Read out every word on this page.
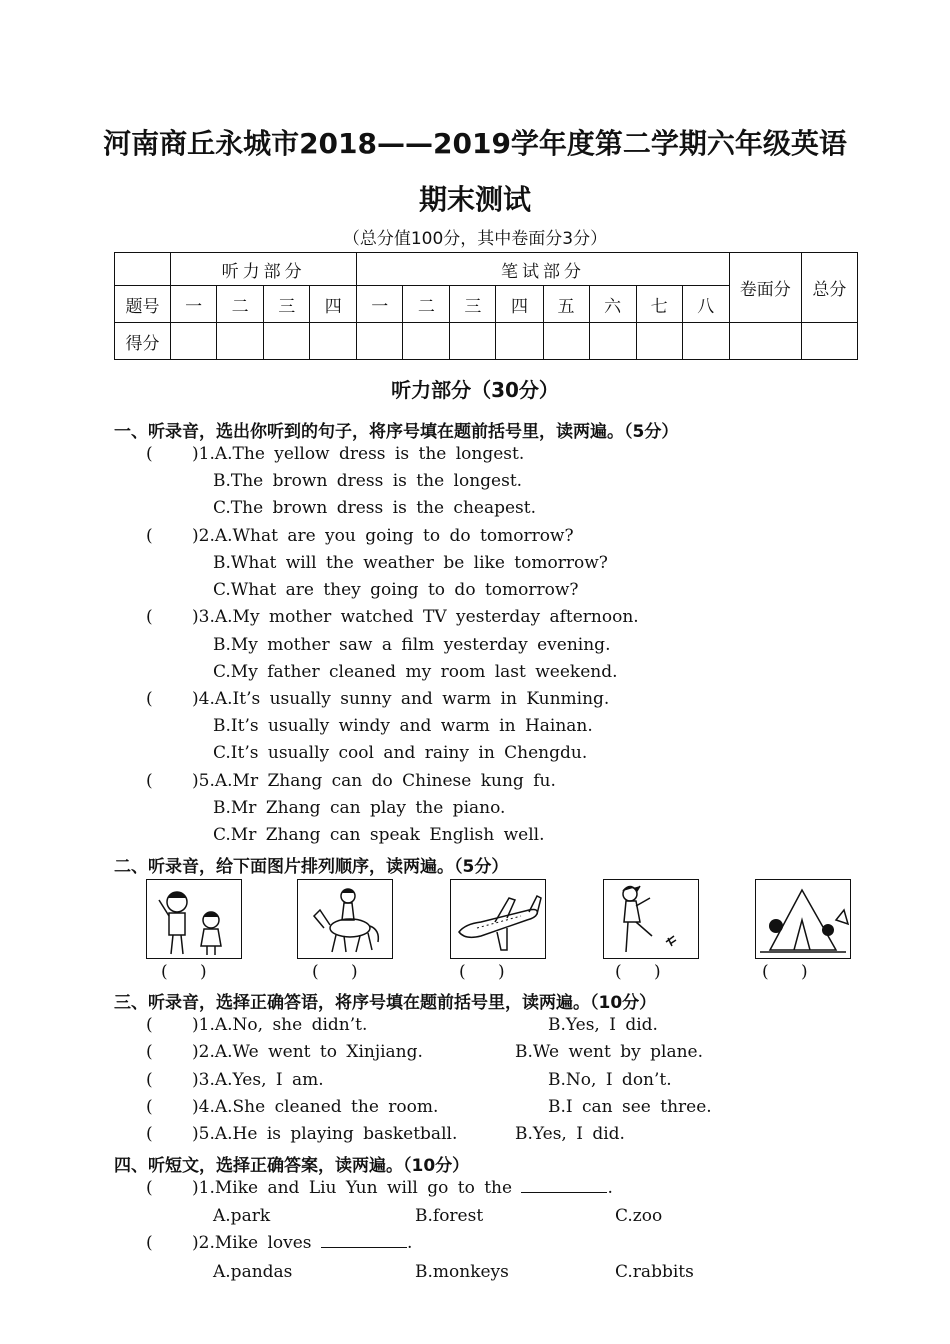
河南商丘永城市2018——2019学年度第二学期六年级英语
期末测试
（总分值100分，其中卷面分3分）
	听力部分				笔试部分								卷面分	总分
题号	一	二	三	四	一	二	三	四	五	六	七	八		
得分														
听力部分（30分）
一、听录音，选出你听到的句子，将序号填在题前括号里，读两遍。（5分）
( )1.A.The yellow dress is the longest.
B.The brown dress is the longest.
C.The brown dress is the cheapest.
( )2.A.What are you going to do tomorrow?
B.What will the weather be like tomorrow?
C.What are they going to do tomorrow?
( )3.A.My mother watched TV yesterday afternoon.
B.My mother saw a film yesterday evening.
C.My father cleaned my room last weekend.
( )4.A.It’s usually sunny and warm in Kunming.
B.It’s usually windy and warm in Hainan.
C.It’s usually cool and rainy in Chengdu.
( )5.A.Mr Zhang can do Chinese kung fu.
B.Mr Zhang can play the piano.
C.Mr Zhang can speak English well.
二、听录音，给下面图片排列顺序，读两遍。（5分）
(      )	(      )	(      )	(      )	(      )
三、听录音，选择正确答语，将序号填在题前括号里，读两遍。（10分）
( )1.A.No, she didn’t.	B.Yes, I did.
( )2.A.We went to Xinjiang.	B.We went by plane.
( )3.A.Yes, I am.	B.No, I don’t.
( )4.A.She cleaned the room.	B.I can see three.
( )5.A.He is playing basketball.	B.Yes, I did.
四、听短文，选择正确答案，读两遍。（10分）
( )1.Mike and Liu Yun will go to the	.
A.park	B.forest	C.zoo
( )2.Mike loves	.
A.pandas	B.monkeys	C.rabbits
